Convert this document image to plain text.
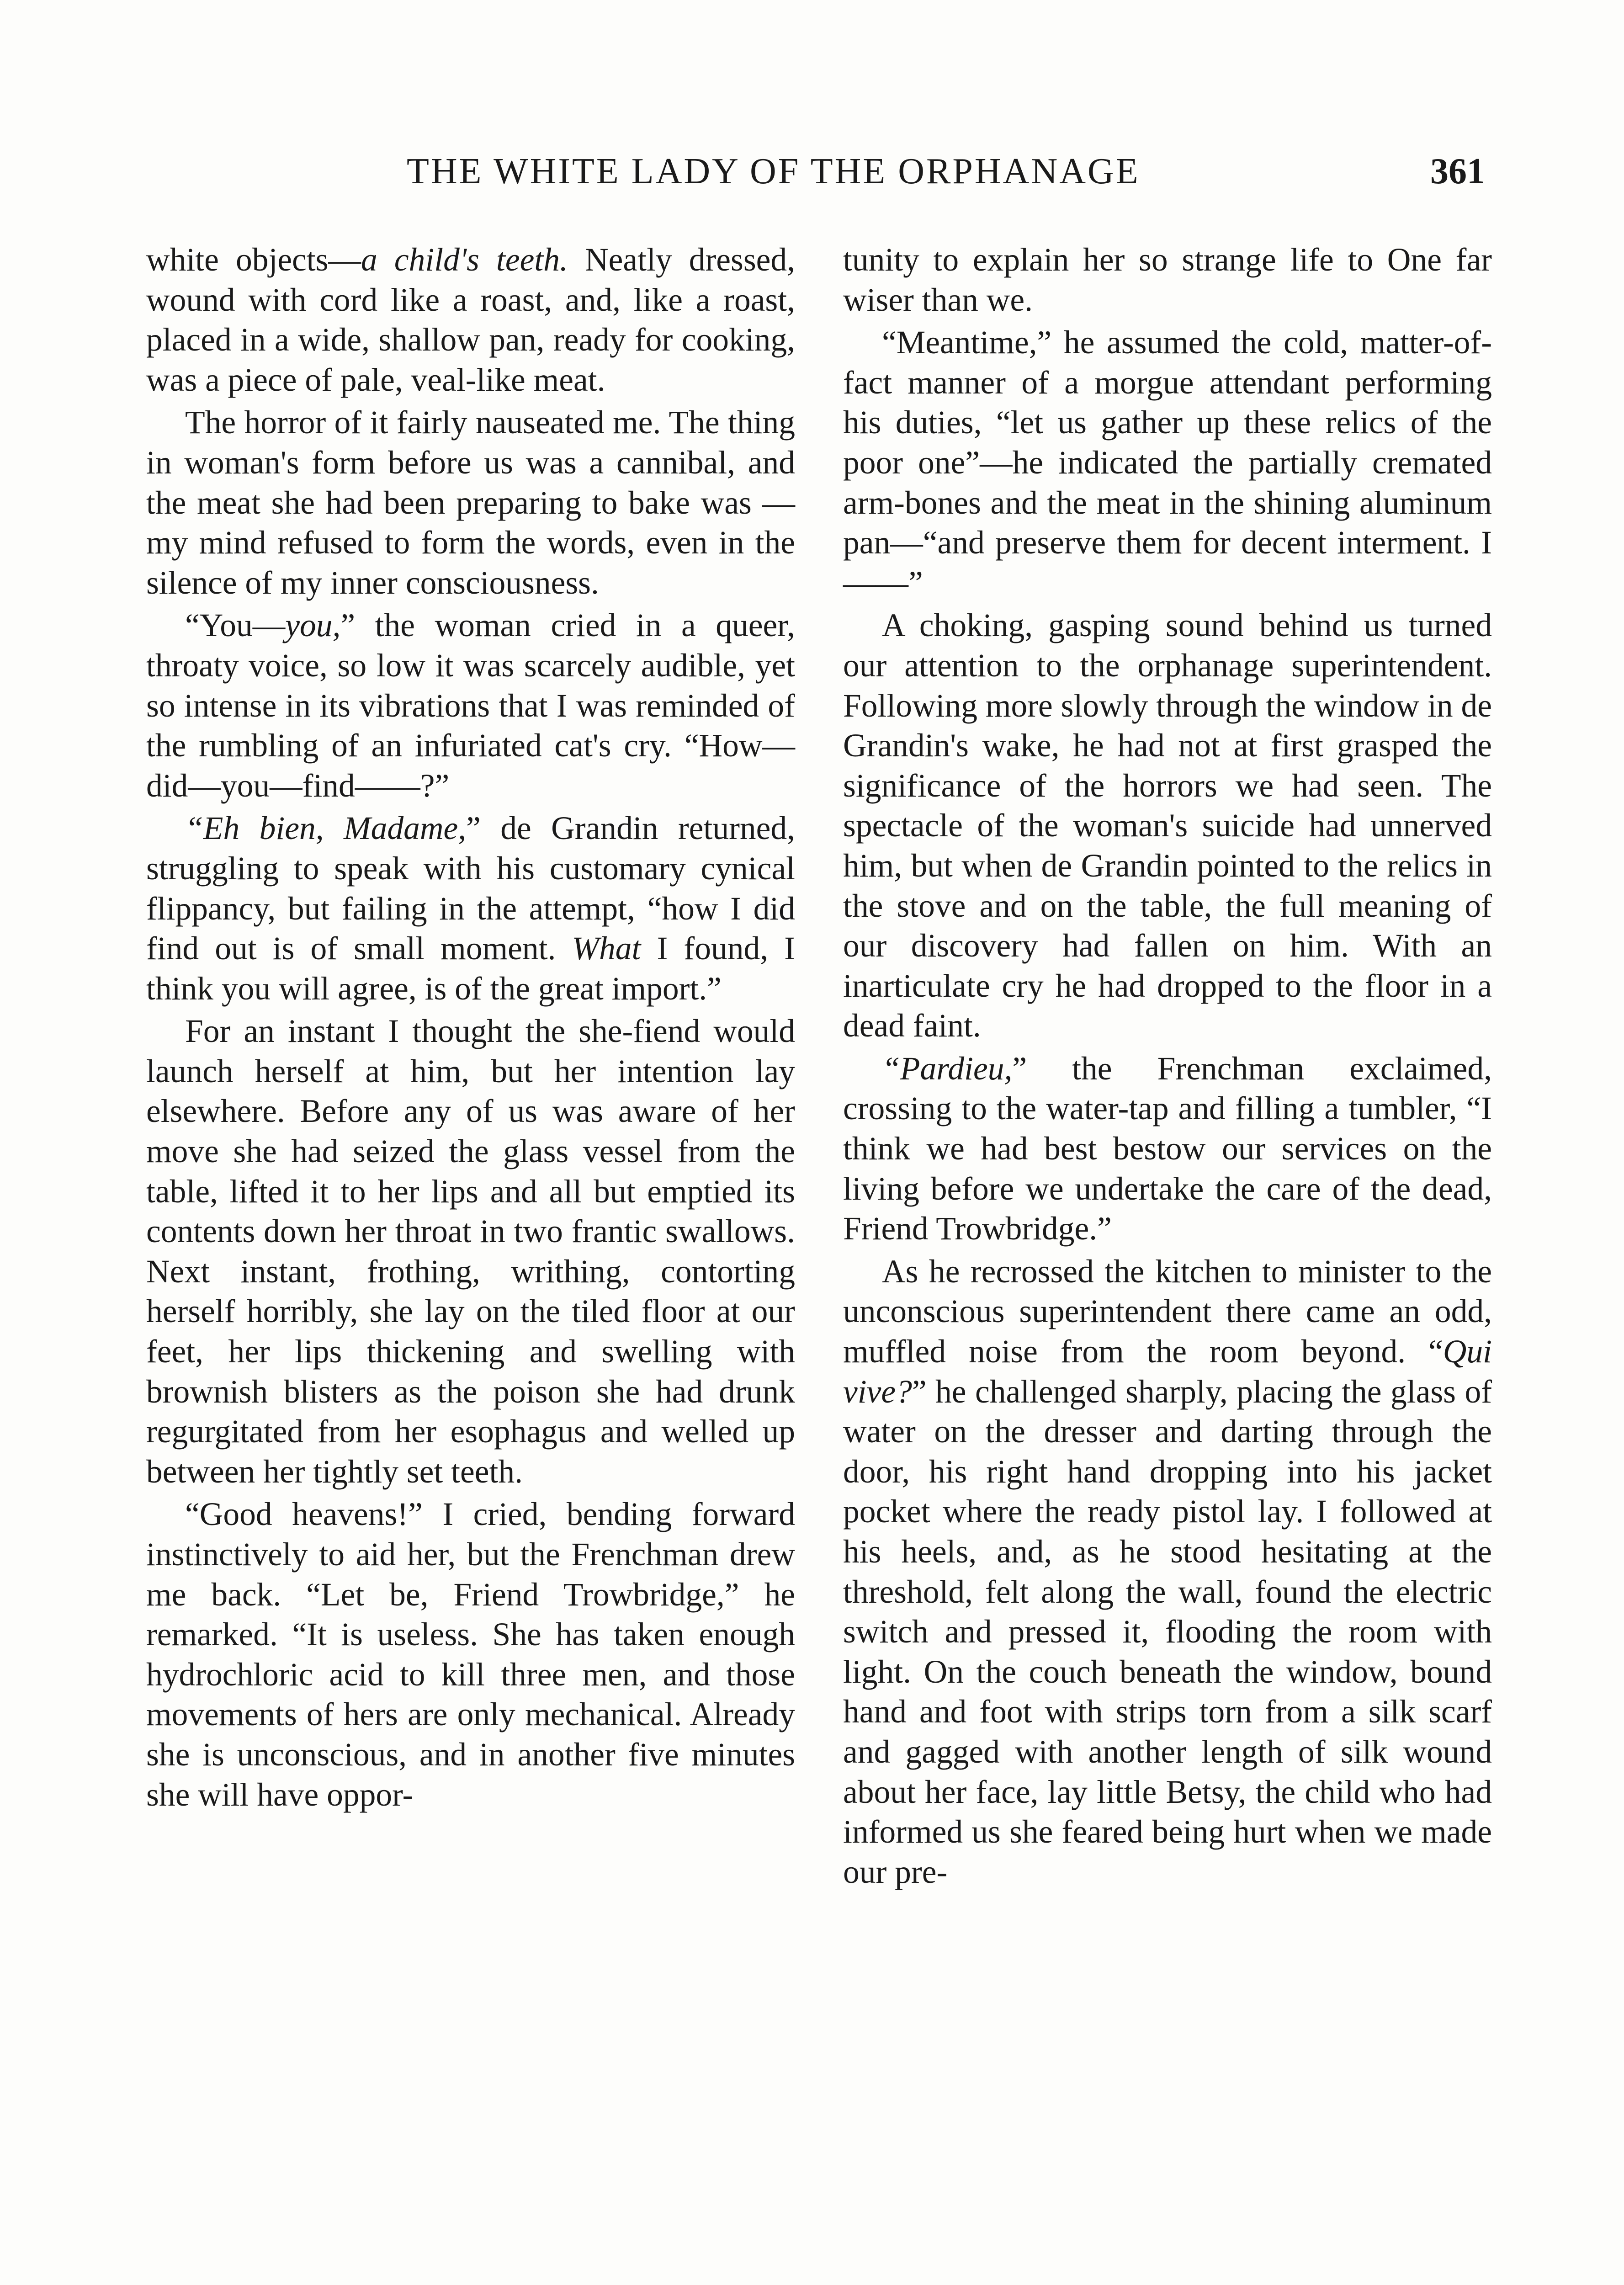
THE WHITE LADY OF THE ORPHANAGE	361

white objects—a child's teeth. Neatly dressed, wound with cord like a roast, and, like a roast, placed in a wide, shallow pan, ready for cooking, was a piece of pale, veal-like meat.

The horror of it fairly nauseated me. The thing in woman's form before us was a cannibal, and the meat she had been preparing to bake was —my mind refused to form the words, even in the silence of my inner consciousness.

“You—you,” the woman cried in a queer, throaty voice, so low it was scarcely audible, yet so intense in its vibrations that I was reminded of the rumbling of an infuriated cat's cry. “How—did—you—find——?”

“Eh bien, Madame,” de Grandin returned, struggling to speak with his customary cynical flippancy, but failing in the attempt, “how I did find out is of small moment. What I found, I think you will agree, is of the great import.”

For an instant I thought the she-fiend would launch herself at him, but her intention lay elsewhere. Before any of us was aware of her move she had seized the glass vessel from the table, lifted it to her lips and all but emptied its contents down her throat in two frantic swallows. Next instant, frothing, writhing, contorting herself horribly, she lay on the tiled floor at our feet, her lips thickening and swelling with brownish blisters as the poison she had drunk regurgitated from her esophagus and welled up between her tightly set teeth.

“Good heavens!” I cried, bending forward instinctively to aid her, but the Frenchman drew me back. “Let be, Friend Trowbridge,” he remarked. “It is useless. She has taken enough hydrochloric acid to kill three men, and those movements of hers are only mechanical. Already she is unconscious, and in another five minutes she will have oppor-

tunity to explain her so strange life to One far wiser than we.

“Meantime,” he assumed the cold, matter-of-fact manner of a morgue attendant performing his duties, “let us gather up these relics of the poor one”—he indicated the partially cremated arm-bones and the meat in the shining aluminum pan—“and preserve them for decent interment. I——”

A choking, gasping sound behind us turned our attention to the orphanage superintendent. Following more slowly through the window in de Grandin's wake, he had not at first grasped the significance of the horrors we had seen. The spectacle of the woman's suicide had unnerved him, but when de Grandin pointed to the relics in the stove and on the table, the full meaning of our discovery had fallen on him. With an inarticulate cry he had dropped to the floor in a dead faint.

“Pardieu,” the Frenchman exclaimed, crossing to the water-tap and filling a tumbler, “I think we had best bestow our services on the living before we undertake the care of the dead, Friend Trowbridge.”

As he recrossed the kitchen to minister to the unconscious superintendent there came an odd, muffled noise from the room beyond. “Qui vive?” he challenged sharply, placing the glass of water on the dresser and darting through the door, his right hand dropping into his jacket pocket where the ready pistol lay. I followed at his heels, and, as he stood hesitating at the threshold, felt along the wall, found the electric switch and pressed it, flooding the room with light. On the couch beneath the window, bound hand and foot with strips torn from a silk scarf and gagged with another length of silk wound about her face, lay little Betsy, the child who had informed us she feared being hurt when we made our pre-
